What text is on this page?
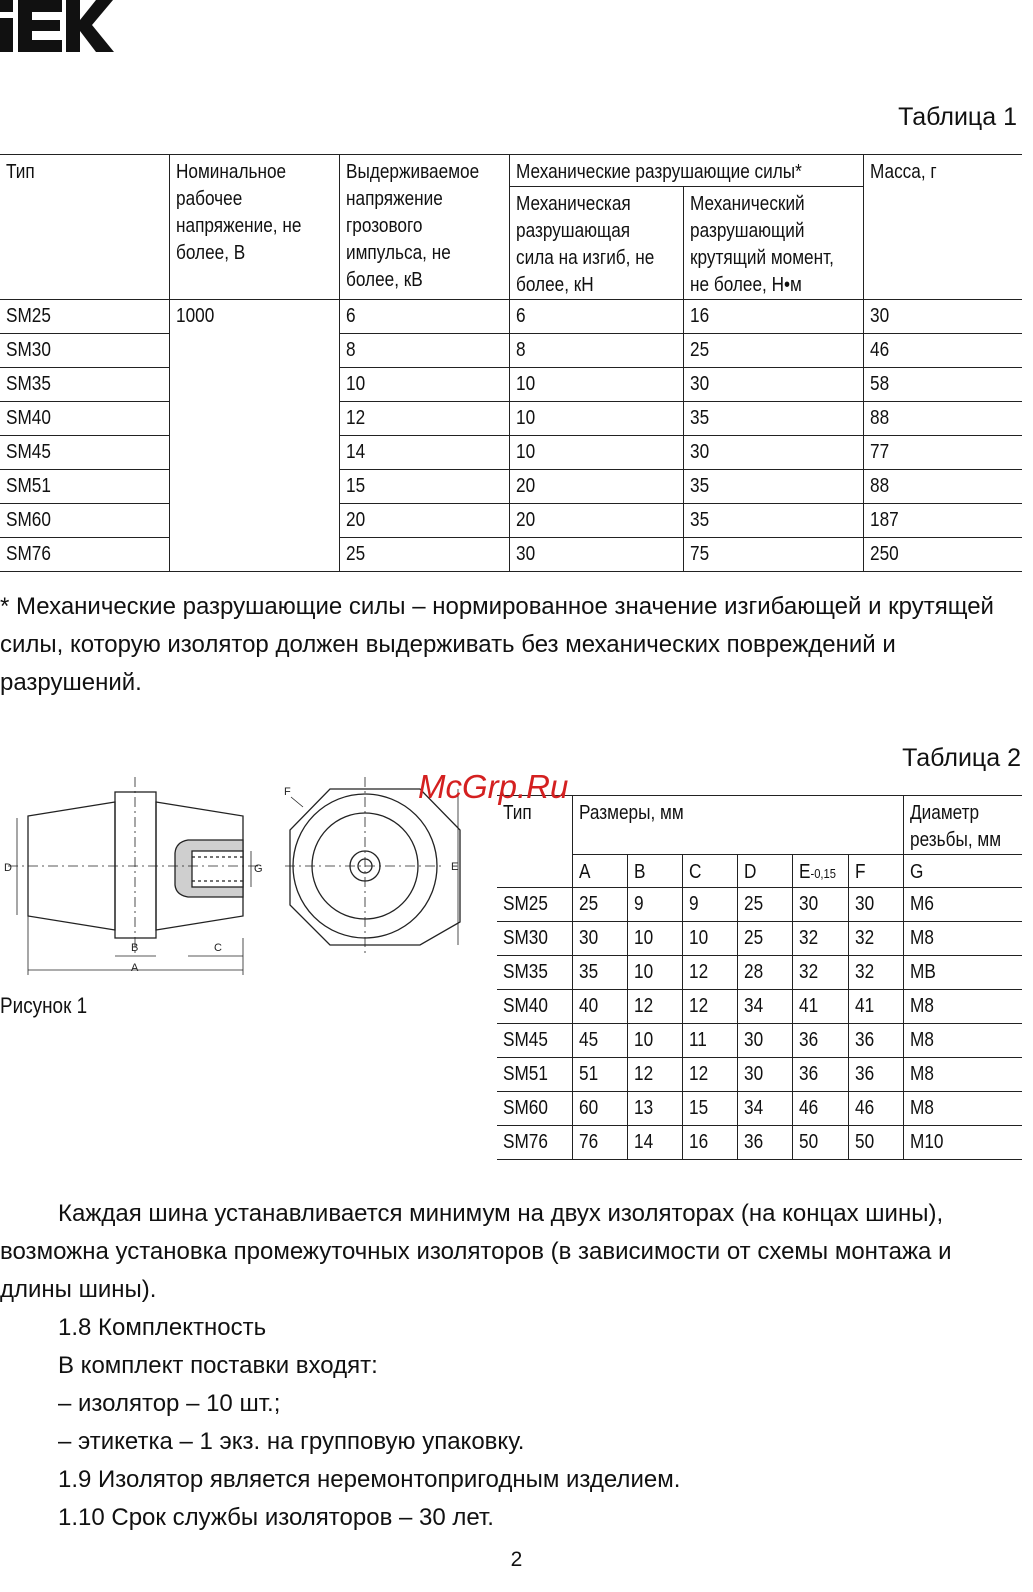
Таблица 1
Тип	Номинальное
рабочее
напряжение, не
более, В	Выдерживаемое
напряжение
грозового
импульса, не
более, кВ	Механические разрушающие силы*		Масса, г
			Механическая
разрушающая
сила на изгиб, не
более, кН	Механический
разрушающий
крутящий момент,
не более, Н•м	
SM25	1000	6	6	16	30
SM30		8	8	25	46
SM35		10	10	30	58
SM40		12	10	35	88
SM45		14	10	30	77
SM51		15	20	35	88
SM60		20	20	35	187
SM76		25	30	75	250
* Механические разрушающие силы – нормированное значение изгибающей и крутящей силы, которую изолятор должен выдерживать без механических повреждений и разрушений.
Таблица 2
D
B
A
C
G	E
F
Рисунок 1
Тип	Размеры, мм						Диаметр
резьбы, мм
	A	B	C	D	E-0,15	F	G
SM25	25	9	9	25	30	30	M6
SM30	30	10	10	25	32	32	M8
SM35	35	10	12	28	32	32	MB
SM40	40	12	12	34	41	41	M8
SM45	45	10	11	30	36	36	M8
SM51	51	12	12	30	36	36	M8
SM60	60	13	15	34	46	46	M8
SM76	76	14	16	36	50	50	M10
McGrp.Ru

Каждая шина устанавливается минимум на двух изоляторах (на концах шины), возможна установка промежуточных изоляторов (в зависимости от схемы монтажа и длины шины).

1.8 Комплектность

В комплект поставки входят:

– изолятор – 10 шт.;

– этикетка – 1 экз. на групповую упаковку.

1.9 Изолятор является неремонтопригодным изделием.

1.10 Срок службы изоляторов – 30 лет.

2
